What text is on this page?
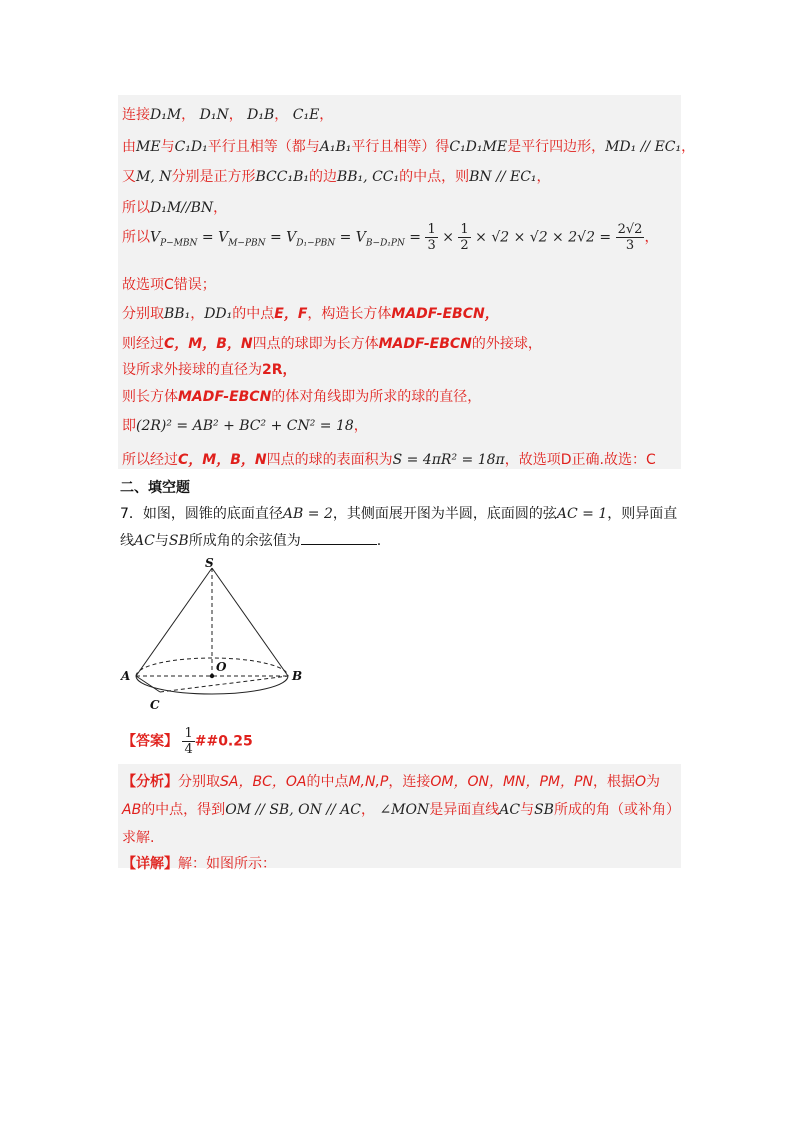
连接D₁M， D₁N， D₁B， C₁E，
由ME与C₁D₁平行且相等（都与A₁B₁平行且相等）得C₁D₁ME是平行四边形，MD₁ // EC₁，
又M, N分别是正方形BCC₁B₁的边BB₁, CC₁的中点，则BN // EC₁，
所以D₁M//BN，
所以$V_{P-MBN} = V_{M-PBN} = V_{D_1-PBN} = V_{B-D_1PN} = \frac{1}{3} \times \frac{1}{2} \times √2 \times √2 \times 2√2 = \frac{2√2}{3}$ ，
故选项C错误；
分别取BB₁，DD₁的中点E，F，构造长方体MADF-EBCN，
则经过C，M，B，N四点的球即为长方体MADF-EBCN的外接球，
设所求外接球的直径为2R，
则长方体MADF-EBCN的体对角线即为所求的球的直径，
即(2R)² = AB² + BC² + CN² = 18，
所以经过C，M，B，N四点的球的表面积为S = 4πR² = 18π，故选项D正确.故选：C
二、填空题
7．如图，圆锥的底面直径AB = 2，其侧面展开图为半圆，底面圆的弦AC = 1，则异面直
线AC与SB所成角的余弦值为	.
S
O
A	B
C
【答案】 $\frac{1}{4}$ ##0.25
【分析】分别取SA，BC，OA的中点M,N,P，连接OM，ON，MN，PM，PN，根据O为
AB的中点，得到OM // SB, ON // AC， ∠MON是异面直线AC与SB所成的角（或补角）
求解.
【详解】解：如图所示：
